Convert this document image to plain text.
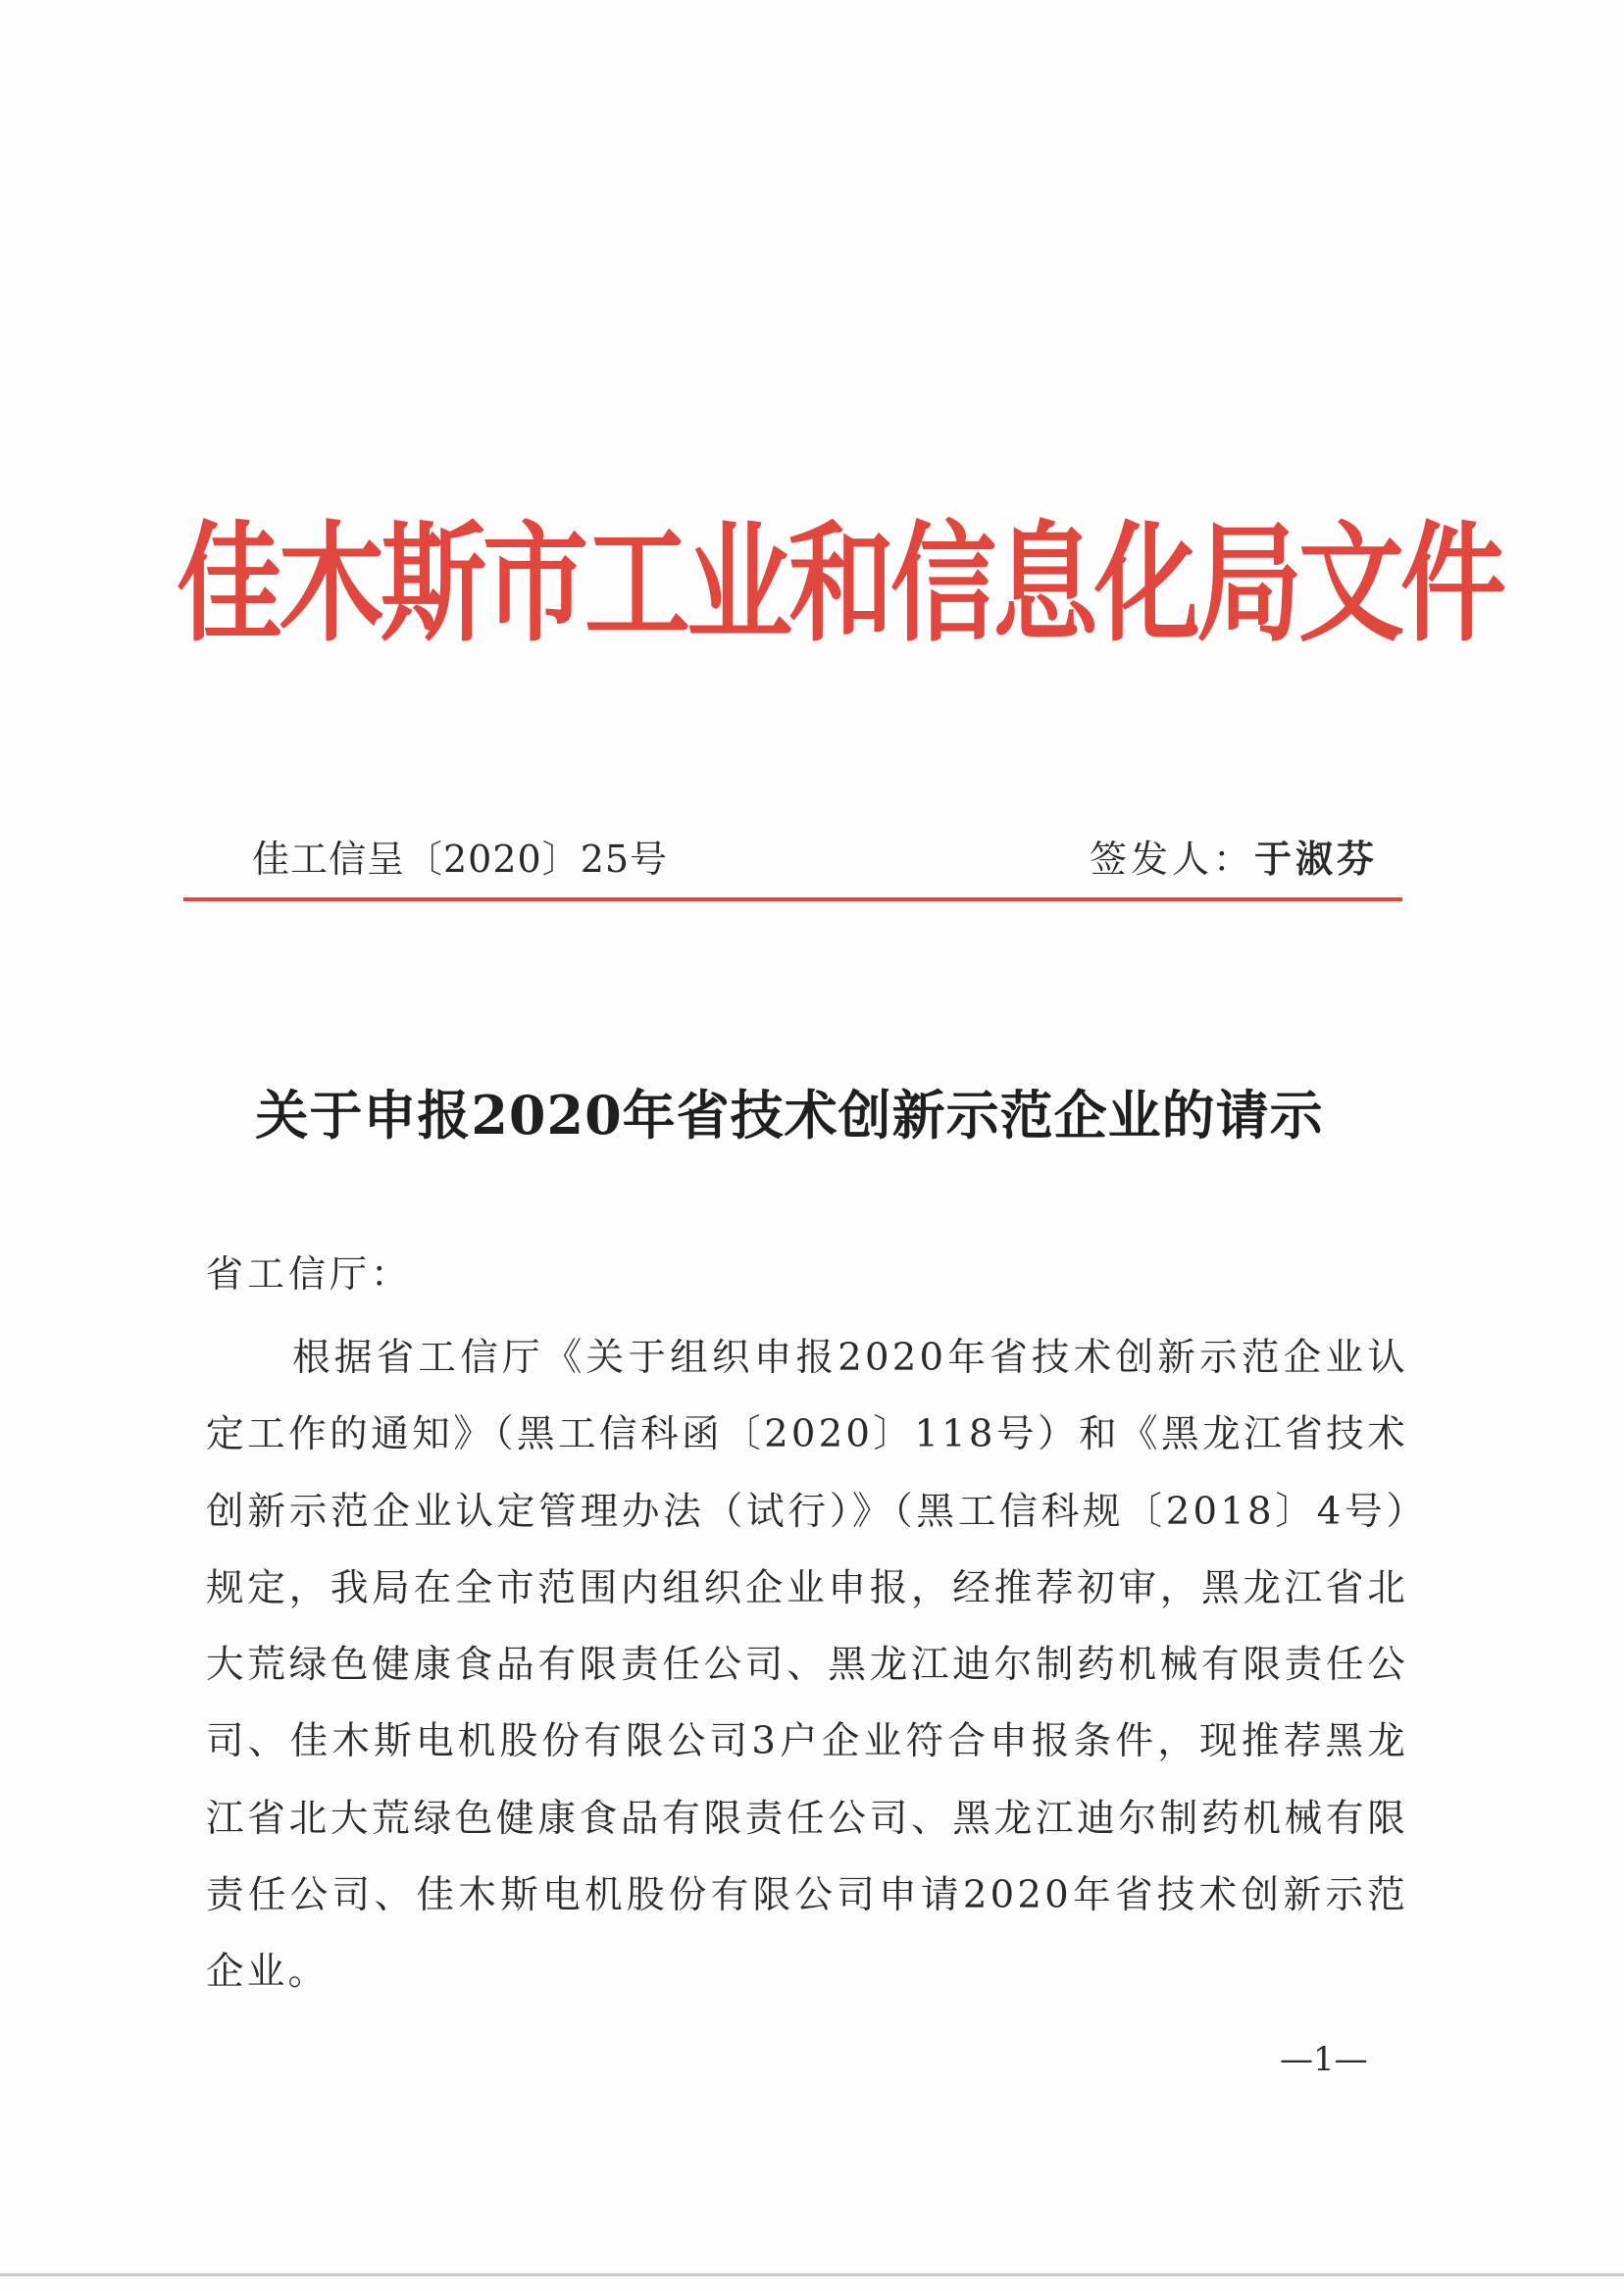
佳木斯市工业和信息化局文件
佳工信呈〔2020〕25号	签发人：于淑芬
关于申报2020年省技术创新示范企业的请示
省工信厅：
根据省工信厅《关于组织申报2020年省技术创新示范企业认定工作的通知》（黑工信科函〔2020〕118号）和《黑龙江省技术创新示范企业认定管理办法（试行）》（黑工信科规〔2018〕4号）规定，我局在全市范围内组织企业申报，经推荐初审，黑龙江省北大荒绿色健康食品有限责任公司、黑龙江迪尔制药机械有限责任公司、佳木斯电机股份有限公司3户企业符合申报条件，现推荐黑龙江省北大荒绿色健康食品有限责任公司、黑龙江迪尔制药机械有限责任公司、佳木斯电机股份有限公司申请2020年省技术创新示范企业。
—1—
